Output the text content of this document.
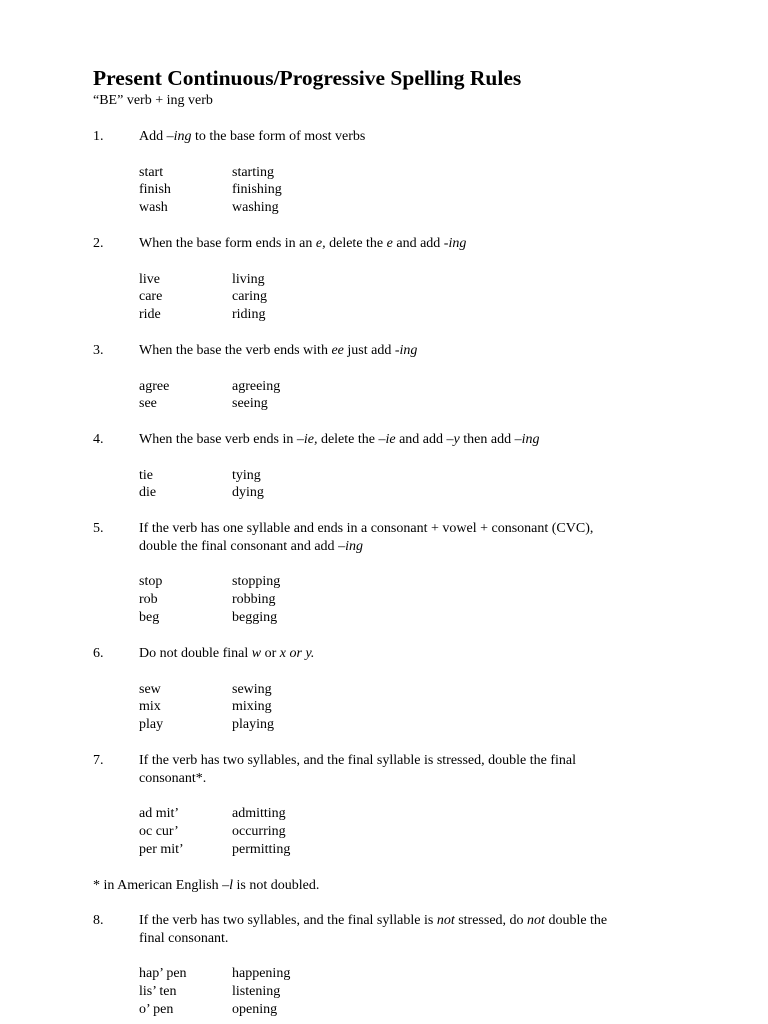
Present Continuous/Progressive Spelling Rules
“BE” verb + ing verb
1.	Add –ing to the base form of most verbs
start	starting
finish	finishing
wash	washing
2.	When the base form ends in an e, delete the e and add -ing
live	living
care	caring
ride	riding
3.	When the base the verb ends with ee just add -ing
agree	agreeing
see	seeing
4.	When the base verb ends in –ie, delete the –ie and add –y then add –ing
tie	tying
die	dying
5.	If the verb has one syllable and ends in a consonant + vowel + consonant (CVC),
double the final consonant and add –ing
stop	stopping
rob	robbing
beg	begging
6.	Do not double final w or x or y.
sew	sewing
mix	mixing
play	playing
7.	If the verb has two syllables, and the final syllable is stressed, double the final
consonant*.
ad mit’	admitting
oc cur’	occurring
per mit’	permitting
8.	If the verb has two syllables, and the final syllable is not stressed, do not double the
final consonant.
hap’ pen	happening
lis’ ten	listening
o’ pen	opening
* in American English –l is not doubled.
